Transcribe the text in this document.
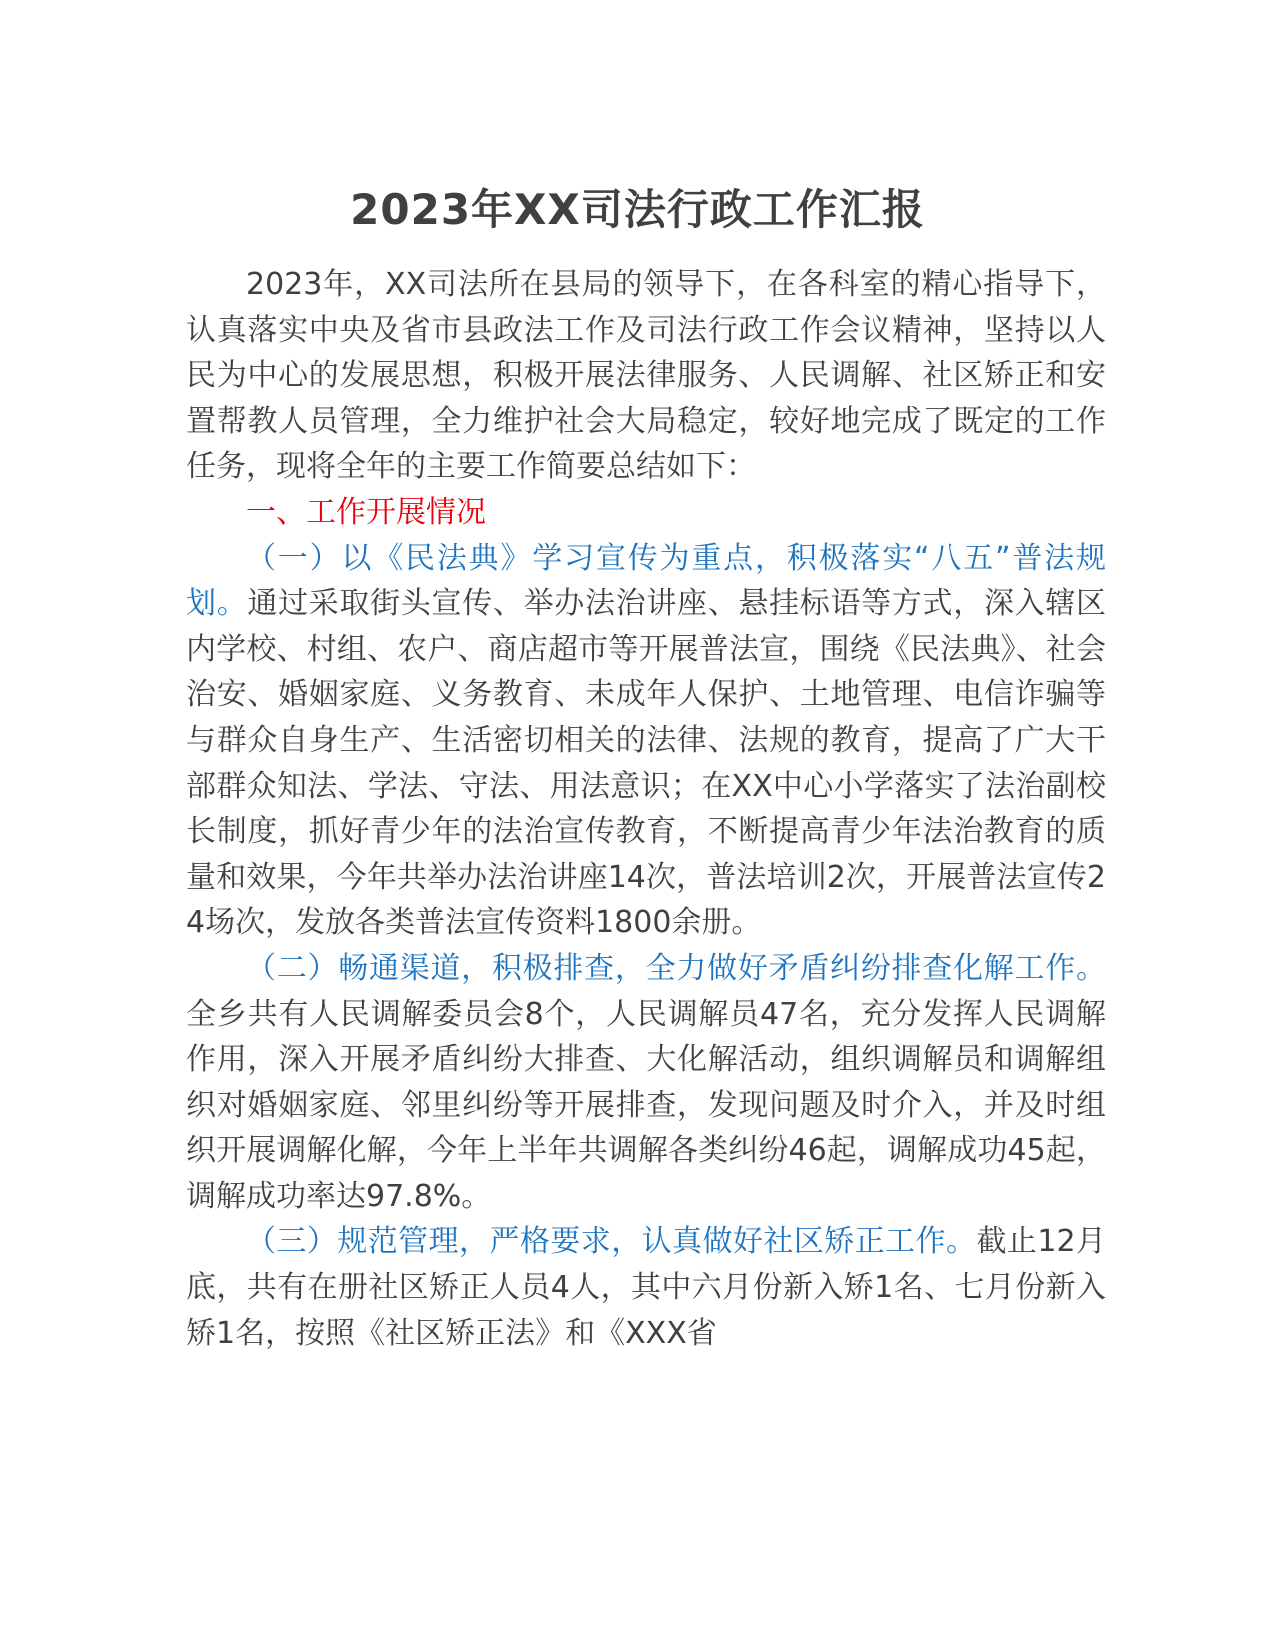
2023年XX司法行政工作汇报

2023年，XX司法所在县局的领导下，在各科室的精心指导下，认真落实中央及省市县政法工作及司法行政工作会议精神，坚持以人民为中心的发展思想，积极开展法律服务、人民调解、社区矫正和安置帮教人员管理，全力维护社会大局稳定，较好地完成了既定的工作任务，现将全年的主要工作简要总结如下：

一、工作开展情况

（一）以《民法典》学习宣传为重点，积极落实“八五”普法规划。通过采取街头宣传、举办法治讲座、悬挂标语等方式，深入辖区内学校、村组、农户、商店超市等开展普法宣，围绕《民法典》、社会治安、婚姻家庭、义务教育、未成年人保护、土地管理、电信诈骗等与群众自身生产、生活密切相关的法律、法规的教育，提高了广大干部群众知法、学法、守法、用法意识；在XX中心小学落实了法治副校长制度，抓好青少年的法治宣传教育，不断提高青少年法治教育的质量和效果，今年共举办法治讲座14次，普法培训2次，开展普法宣传24场次，发放各类普法宣传资料1800余册。

（二）畅通渠道，积极排查，全力做好矛盾纠纷排查化解工作。全乡共有人民调解委员会8个，人民调解员47名，充分发挥人民调解作用，深入开展矛盾纠纷大排查、大化解活动，组织调解员和调解组织对婚姻家庭、邻里纠纷等开展排查，发现问题及时介入，并及时组织开展调解化解，今年上半年共调解各类纠纷46起，调解成功45起，调解成功率达97.8%。

（三）规范管理，严格要求，认真做好社区矫正工作。截止12月底，共有在册社区矫正人员4人，其中六月份新入矫1名、七月份新入矫1名，按照《社区矫正法》和《XXX省
